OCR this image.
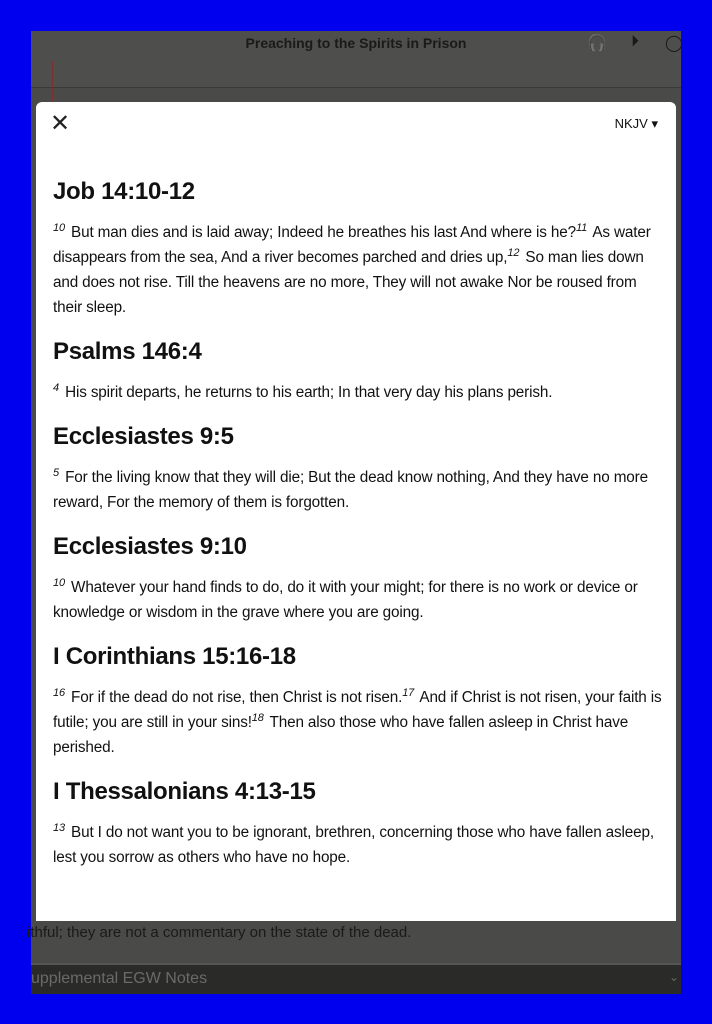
Preaching to the Spirits in Prison	🎧 ⏵ ◯
ithful; they are not a commentary on the state of the dead.
upplemental EGW Notes	⌄
✕	NKJV ▾
Job 14:10-12

$^{10}$ But man dies and is laid away; Indeed he breathes his last And where is he?$^{11}$ As water disappears from the sea, And a river becomes parched and dries up,$^{12}$ So man lies down and does not rise. Till the heavens are no more, They will not awake Nor be roused from their sleep.

Psalms 146:4

$^4$ His spirit departs, he returns to his earth; In that very day his plans perish.

Ecclesiastes 9:5

$^5$ For the living know that they will die; But the dead know nothing, And they have no more reward, For the memory of them is forgotten.

Ecclesiastes 9:10

$^{10}$ Whatever your hand finds to do, do it with your might; for there is no work or device or knowledge or wisdom in the grave where you are going.

I Corinthians 15:16-18

$^{16}$ For if the dead do not rise, then Christ is not risen.$^{17}$ And if Christ is not risen, your faith is futile; you are still in your sins!$^{18}$ Then also those who have fallen asleep in Christ have perished.

I Thessalonians 4:13-15

$^{13}$ But I do not want you to be ignorant, brethren, concerning those who have fallen asleep, lest you sorrow as others who have no hope.
